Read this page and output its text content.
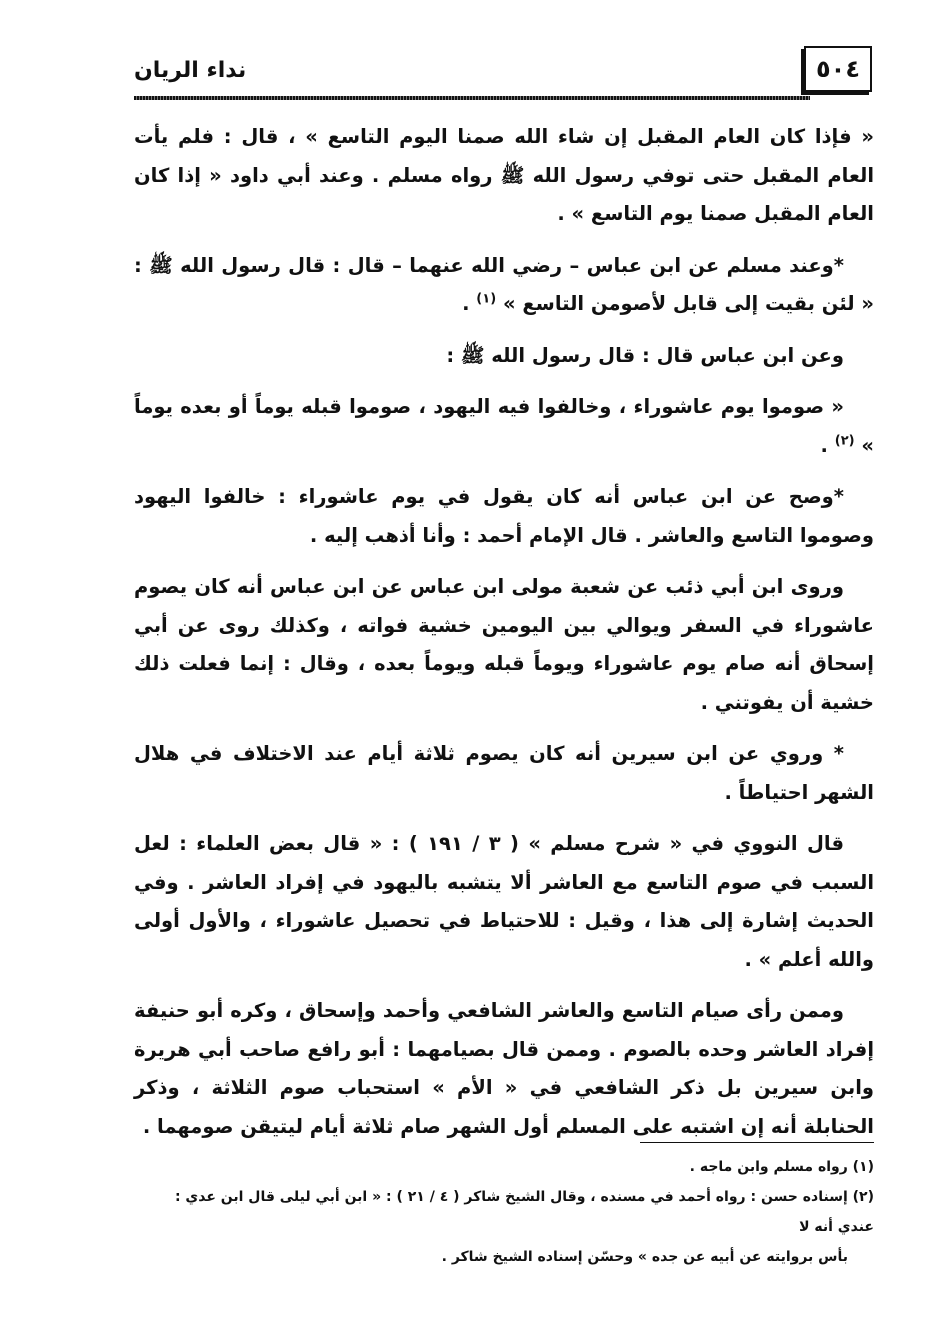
٥٠٤
نداء الريان

« فإذا كان العام المقبل إن شاء الله صمنا اليوم التاسع » ، قال : فلم يأت العام المقبل حتى توفي رسول الله ﷺ رواه مسلم . وعند أبي داود « إذا كان العام المقبل صمنا يوم التاسع » .

*وعند مسلم عن ابن عباس – رضي الله عنهما – قال : قال رسول الله ﷺ : « لئن بقيت إلى قابل لأصومن التاسع » $^{(١)}$ .

وعن ابن عباس قال : قال رسول الله ﷺ :

« صوموا يوم عاشوراء ، وخالفوا فيه اليهود ، صوموا قبله يوماً أو بعده يوماً » $^{(٢)}$ .

*وصح عن ابن عباس أنه كان يقول في يوم عاشوراء : خالفوا اليهود وصوموا التاسع والعاشر . قال الإمام أحمد : وأنا أذهب إليه .

وروى ابن أبي ذئب عن شعبة مولى ابن عباس عن ابن عباس أنه كان يصوم عاشوراء في السفر ويوالي بين اليومين خشية فواته ، وكذلك روى عن أبي إسحاق أنه صام يوم عاشوراء ويوماً قبله ويوماً بعده ، وقال : إنما فعلت ذلك خشية أن يفوتني .

* وروي عن ابن سيرين أنه كان يصوم ثلاثة أيام عند الاختلاف في هلال الشهر احتياطاً .

قال النووي في « شرح مسلم » ( ٣ / ١٩١ ) : « قال بعض العلماء : لعل السبب في صوم التاسع مع العاشر ألا يتشبه باليهود في إفراد العاشر . وفي الحديث إشارة إلى هذا ، وقيل : للاحتياط في تحصيل عاشوراء ، والأول أولى والله أعلم » .

وممن رأى صيام التاسع والعاشر الشافعي وأحمد وإسحاق ، وكره أبو حنيفة إفراد العاشر وحده بالصوم . وممن قال بصيامهما : أبو رافع صاحب أبي هريرة وابن سيرين بل ذكر الشافعي في « الأم » استحباب صوم الثلاثة ، وذكر الحنابلة أنه إن اشتبه على المسلم أول الشهر صام ثلاثة أيام ليتيقن صومهما .

(١) رواه مسلم وابن ماجه .

(٢) إسناده حسن : رواه أحمد في مسنده ، وقال الشيخ شاكر ( ٤ / ٢١ ) : « ابن أبي ليلى قال ابن عدي : عندي أنه لا
بأس بروايته عن أبيه عن جده » وحسّن إسناده الشيخ شاكر .
